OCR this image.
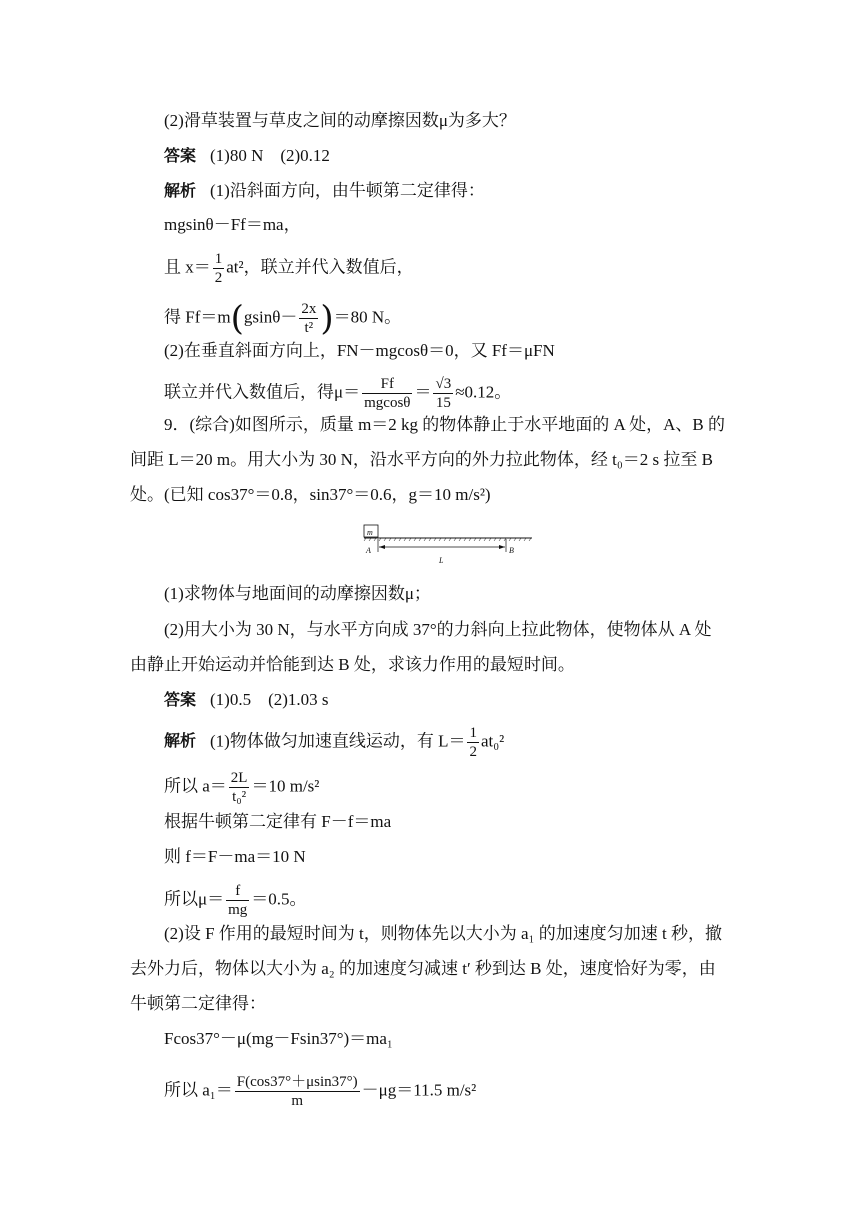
(2)滑草装置与草皮之间的动摩擦因数μ为多大？
答案 (1)80 N　(2)0.12
解析 (1)沿斜面方向，由牛顿第二定律得：
mgsinθ－Ff＝ma，
且 $x= \frac{1}{2} at^2$，联立并代入数值后，
得 $Ff=m(gsin\theta- \frac{2x}{\text{t²}} )=80$ N。
(2)在垂直斜面方向上，FN－mgcosθ＝0，又 Ff＝μFN
联立并代入数值后，得$\mu= \frac{Ff}{mgcos\theta} = \frac{√3}{15} \approx 0.12$。
9．(综合)如图所示，质量 m＝2 kg 的物体静止于水平地面的 A 处，A、B 的
间距 L＝20 m。用大小为 30 N，沿水平方向的外力拉此物体，经 t₀＝2 s 拉至 B
处。(已知 cos37°＝0.8，sin37°＝0.6，g＝10 m/s²)
m
A	B
L
(1)求物体与地面间的动摩擦因数μ；
(2)用大小为 30 N，与水平方向成 37°的力斜向上拉此物体，使物体从 A 处
由静止开始运动并恰能到达 B 处，求该力作用的最短时间。
答案 (1)0.5　(2)1.03 s
解析 (1)物体做匀加速直线运动，有 $L= \frac{1}{2} at_0^2$
所以 $a= \frac{2L}{\text{t₀²}} =10$ m/s²
根据牛顿第二定律有 F－f＝ma
则 f＝F－ma＝10 N
所以$\mu= \frac{f}{mg} =0.5$。
(2)设 F 作用的最短时间为 t，则物体先以大小为 a₁ 的加速度匀加速 t 秒，撤
去外力后，物体以大小为 a₂ 的加速度匀减速 t′ 秒到达 B 处，速度恰好为零，由
牛顿第二定律得：
Fcos37°－μ(mg－Fsin37°)＝ma₁
所以 $a_1= \frac{F(\cos 37^\circ+\mu\sin 37^\circ)}{m} -\mu g=11.5$ m/s²
